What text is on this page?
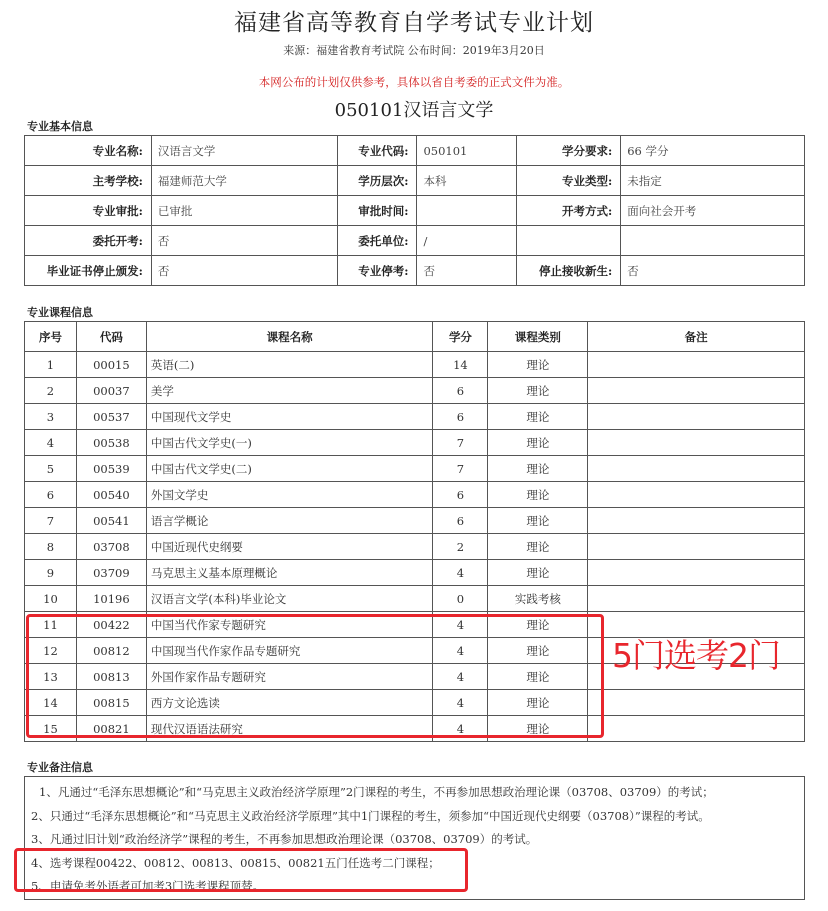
福建省高等教育自学考试专业计划
来源：福建省教育考试院 公布时间：2019年3月20日
本网公布的计划仅供参考，具体以省自考委的正式文件为准。
050101汉语言文学
专业基本信息
专业名称:	汉语言文学	专业代码:	050101	学分要求:	66 学分
主考学校:	福建师范大学	学历层次:	本科	专业类型:	未指定
专业审批:	已审批	审批时间:		开考方式:	面向社会开考
委托开考:	否	委托单位:	/		
毕业证书停止颁发:	否	专业停考:	否	停止接收新生:	否
专业课程信息
序号	代码	课程名称	学分	课程类别	备注
1	00015	英语(二)	14	理论	
2	00037	美学	6	理论	
3	00537	中国现代文学史	6	理论	
4	00538	中国古代文学史(一)	7	理论	
5	00539	中国古代文学史(二)	7	理论	
6	00540	外国文学史	6	理论	
7	00541	语言学概论	6	理论	
8	03708	中国近现代史纲要	2	理论	
9	03709	马克思主义基本原理概论	4	理论	
10	10196	汉语言文学(本科)毕业论文	0	实践考核	
11	00422	中国当代作家专题研究	4	理论	
12	00812	中国现当代作家作品专题研究	4	理论	
13	00813	外国作家作品专题研究	4	理论	
14	00815	西方文论选读	4	理论	
15	00821	现代汉语语法研究	4	理论	
5门选考2门
专业备注信息
1、凡通过“毛泽东思想概论”和“马克思主义政治经济学原理”2门课程的考生，不再参加思想政治理论课（03708、03709）的考试；
2、只通过“毛泽东思想概论”和“马克思主义政治经济学原理”其中1门课程的考生，须参加“中国近现代史纲要（03708）”课程的考试。
3、凡通过旧计划“政治经济学”课程的考生，不再参加思想政治理论课（03708、03709）的考试。
4、选考课程00422、00812、00813、00815、00821五门任选考二门课程；
5、申请免考外语者可加考3门选考课程顶替。
